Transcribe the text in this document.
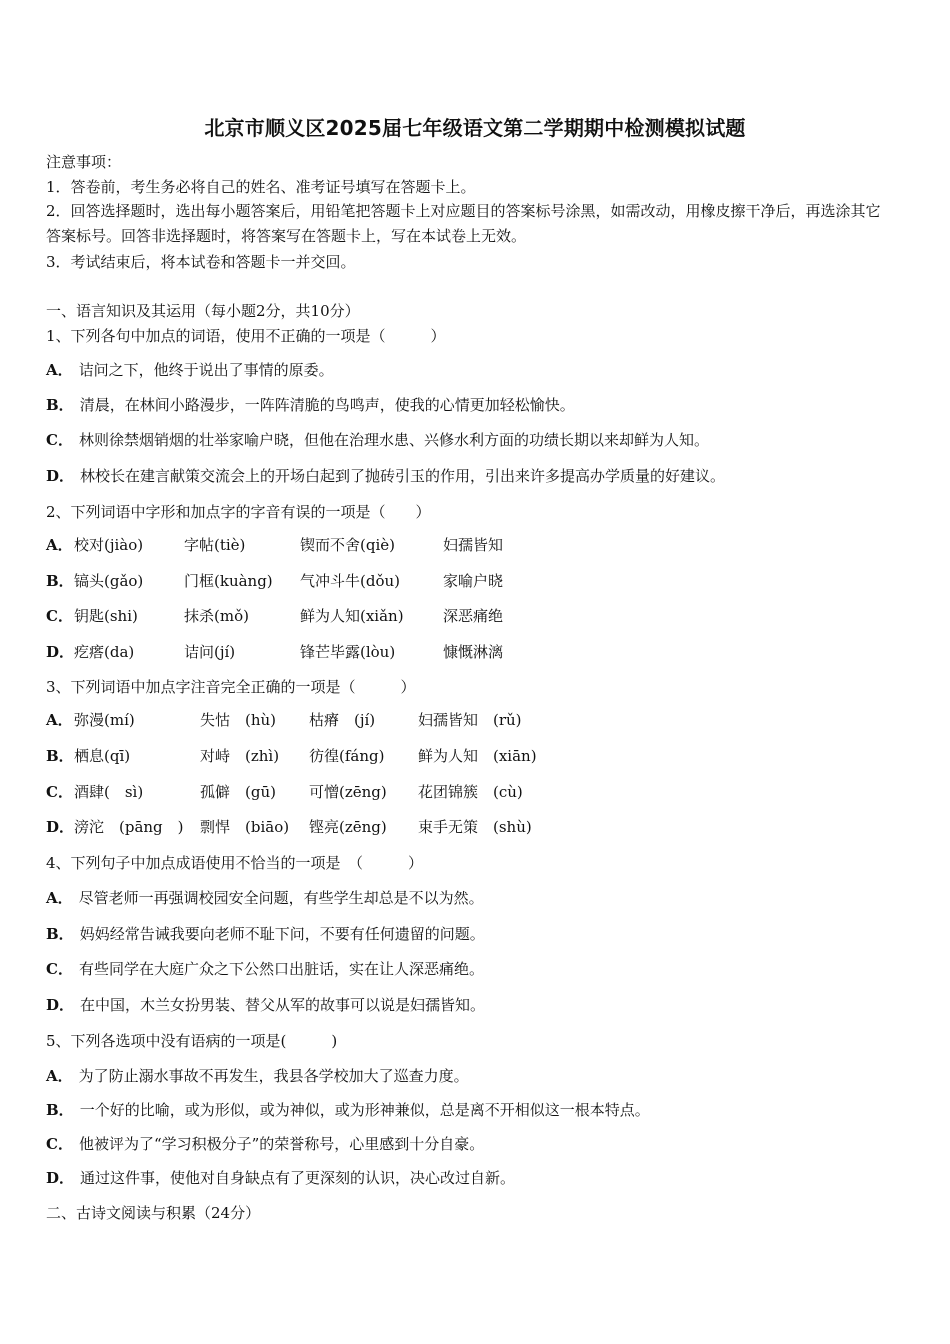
北京市顺义区2025届七年级语文第二学期期中检测模拟试题
注意事项：
1．答卷前，考生务必将自己的姓名、准考证号填写在答题卡上。
2．回答选择题时，选出每小题答案后，用铅笔把答题卡上对应题目的答案标号涂黑，如需改动，用橡皮擦干净后，再选涂其它答案标号。回答非选择题时，将答案写在答题卡上，写在本试卷上无效。
3．考试结束后，将本试卷和答题卡一并交回。
一、语言知识及其运用（每小题2分，共10分）
1、下列各句中加点的词语，使用不正确的一项是（　　　）
A． 诘问之下，他终于说出了事情的原委。
B． 清晨，在林间小路漫步，一阵阵清脆的鸟鸣声，使我的心情更加轻松愉快。
C． 林则徐禁烟销烟的壮举家喻户晓，但他在治理水患、兴修水利方面的功绩长期以来却鲜为人知。
D． 林校长在建言献策交流会上的开场白起到了抛砖引玉的作用，引出来许多提高办学质量的好建议。
2、下列词语中字形和加点字的字音有误的一项是（　　）
A． 校对(jiào)	字帖(tiè)	锲而不舍(qiè)	妇孺皆知
B． 镐头(gǎo)	门框(kuàng) 气冲斗牛(dǒu)	家喻户晓
C． 钥匙(shi)	抹杀(mǒ)	鲜为人知(xiǎn)	深恶痛绝
D． 疙瘩(da)	诘问(jí)	锋芒毕露(lòu)	慷慨淋漓
3、下列词语中加点字注音完全正确的一项是（　　　）
A． 弥漫(mí)	失怙　(hù) 枯瘠　(jí)	妇孺皆知　(rǔ)
B． 栖息(qī)	对峙　(zhì) 彷徨(fáng) 鲜为人知　(xiān)
C． 酒肆(　sì)	孤僻　(gū) 可憎(zēng) 花团锦簇　(cù)
D． 滂沱　(pāng　) 剽悍　(biāo) 铿亮(zēng) 束手无策　(shù)
4、下列句子中加点成语使用不恰当的一项是　（　　　）
A． 尽管老师一再强调校园安全问题，有些学生却总是不以为然。
B． 妈妈经常告诫我要向老师不耻下问，不要有任何遗留的问题。
C． 有些同学在大庭广众之下公然口出脏话，实在让人深恶痛绝。
D． 在中国，木兰女扮男装、替父从军的故事可以说是妇孺皆知。
5、下列各选项中没有语病的一项是(　　　)
A． 为了防止溺水事故不再发生，我县各学校加大了巡查力度。
B． 一个好的比喻，或为形似，或为神似，或为形神兼似，总是离不开相似这一根本特点。
C． 他被评为了“学习积极分子”的荣誉称号，心里感到十分自豪。
D． 通过这件事，使他对自身缺点有了更深刻的认识，决心改过自新。
二、古诗文阅读与积累（24分）
